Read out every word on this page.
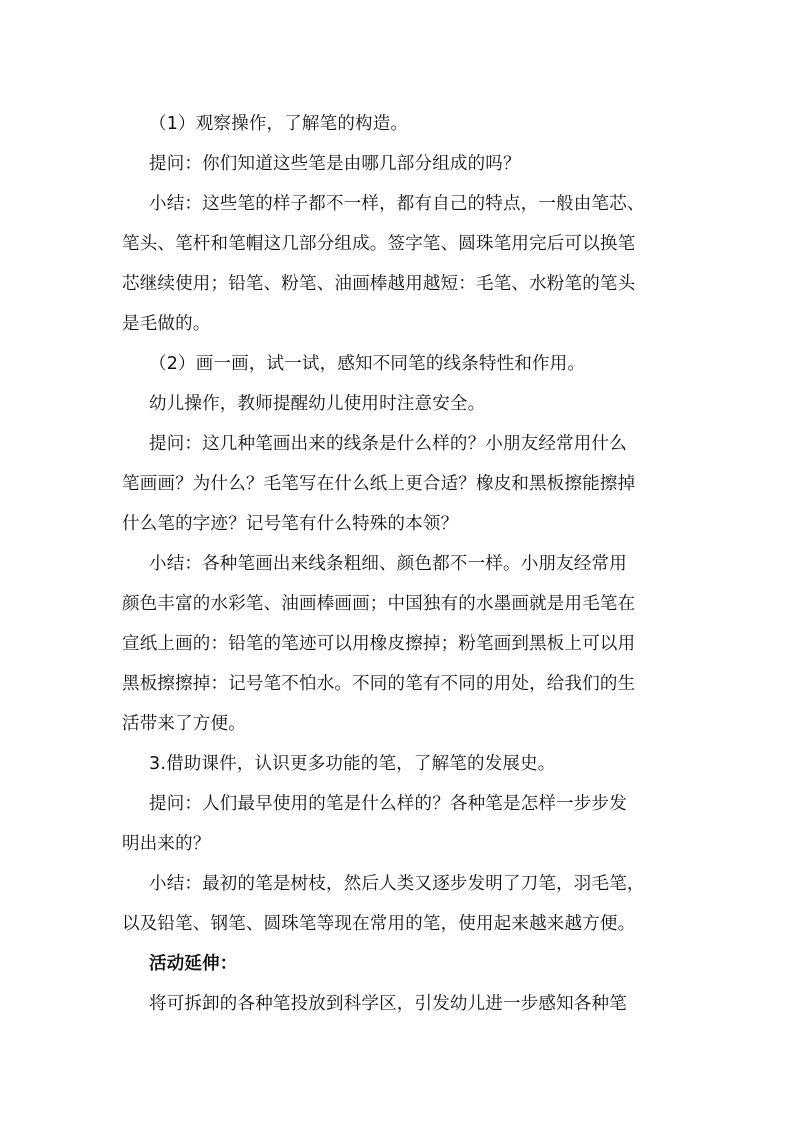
（1）观察操作，了解笔的构造。

提问：你们知道这些笔是由哪几部分组成的吗？

小结：这些笔的样子都不一样，都有自己的特点，一般由笔芯、
笔头、笔杆和笔帽这几部分组成。签字笔、圆珠笔用完后可以换笔
芯继续使用；铅笔、粉笔、油画棒越用越短：毛笔、水粉笔的笔头
是毛做的。

（2）画一画，试一试，感知不同笔的线条特性和作用。

幼儿操作，教师提醒幼儿使用时注意安全。

提问：这几种笔画出来的线条是什么样的？小朋友经常用什么
笔画画？为什么？毛笔写在什么纸上更合适？橡皮和黑板擦能擦掉
什么笔的字迹？记号笔有什么特殊的本领？

小结：各种笔画出来线条粗细、颜色都不一样。小朋友经常用
颜色丰富的水彩笔、油画棒画画；中国独有的水墨画就是用毛笔在
宣纸上画的：铅笔的笔迹可以用橡皮擦掉；粉笔画到黑板上可以用
黑板擦擦掉：记号笔不怕水。不同的笔有不同的用处，给我们的生
活带来了方便。

3.借助课件，认识更多功能的笔，了解笔的发展史。

提问：人们最早使用的笔是什么样的？各种笔是怎样一步步发
明出来的？

小结：最初的笔是树枝，然后人类又逐步发明了刀笔，羽毛笔，
以及铅笔、钢笔、圆珠笔等现在常用的笔，使用起来越来越方便。

活动延伸：

将可拆卸的各种笔投放到科学区，引发幼儿进一步感知各种笔
